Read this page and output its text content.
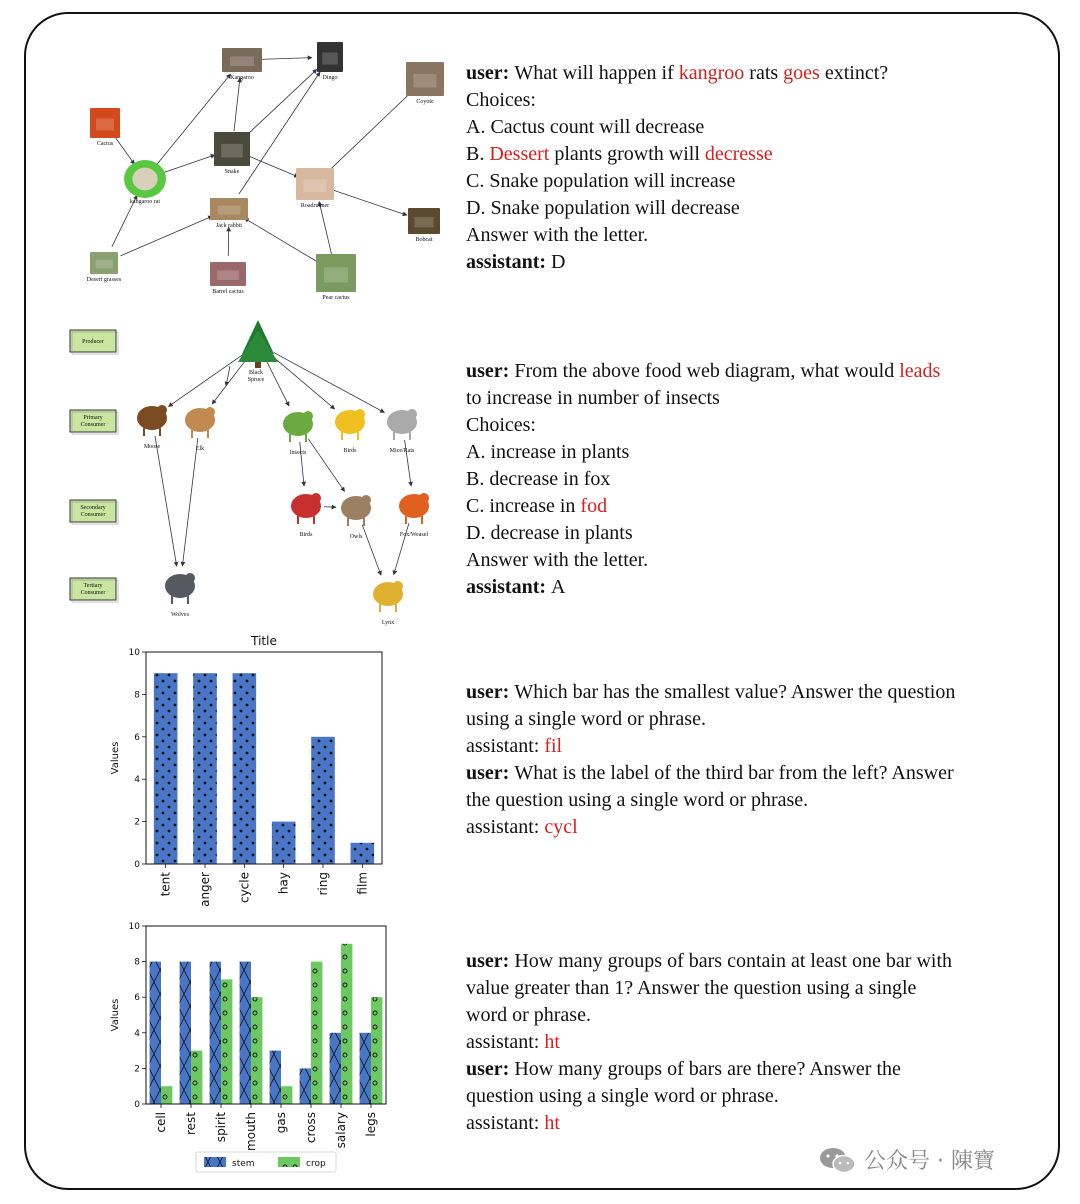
Kangaroo	Dingo
Coyote
Cactus
Snake
kangaroo rat
Roadrunner
Bobcat
Jack rabbit
Desert grasses
Barrel cactus
Pear cactus
Producer
Primary
Consumer
Secondary
Consumer
Tertiary
Consumer
Black
Spruce
Moose	Elk
Insects	Birds	Mice/Rats
Birds	Owls	Fox/Weasel
Wolves
Lynx
0
2
4
6
8
10
Values
Title
tent anger cycle hay ring film
0
2
4
6
8
10
Values
cell rest spirit mouth gas cross salary legs
stem	crop

user: What will happen if kangroo rats goes extinct?

Choices:

A. Cactus count will decrease

B. Dessert plants growth will decresse

C. Snake population will increase

D. Snake population will decrease

Answer with the letter.

assistant: D

user: From the above food web diagram, what would leads

to increase in number of insects

Choices:

A. increase in plants

B. decrease in fox

C. increase in fod

D. decrease in plants

Answer with the letter.

assistant: A

user: Which bar has the smallest value? Answer the question

using a single word or phrase.

assistant: fil

user: What is the label of the third bar from the left? Answer

the question using a single word or phrase.

assistant: cycl

user: How many groups of bars contain at least one bar with

value greater than 1? Answer the question using a single

word or phrase.

assistant: ht

user: How many groups of bars are there? Answer the

question using a single word or phrase.

assistant: ht

公众号 · 陳寶
